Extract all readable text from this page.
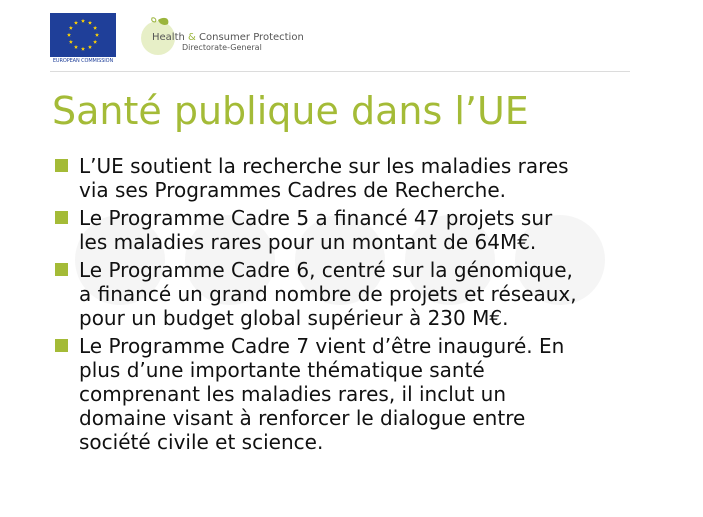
EUROPEAN COMMISSION
Health & Consumer Protection
Directorate-General
Santé publique dans l’UE
L’UE soutient la recherche sur les maladies rares
via ses Programmes Cadres de Recherche.
Le Programme Cadre 5 a financé 47 projets sur
les maladies rares pour un montant de 64M€.
Le Programme Cadre 6, centré sur la génomique,
a financé un grand nombre de projets et réseaux,
pour un budget global supérieur à 230 M€.
Le Programme Cadre 7 vient d’être inauguré. En
plus d’une importante thématique santé
comprenant les maladies rares, il inclut un
domaine visant à renforcer le dialogue entre
société civile et science.
